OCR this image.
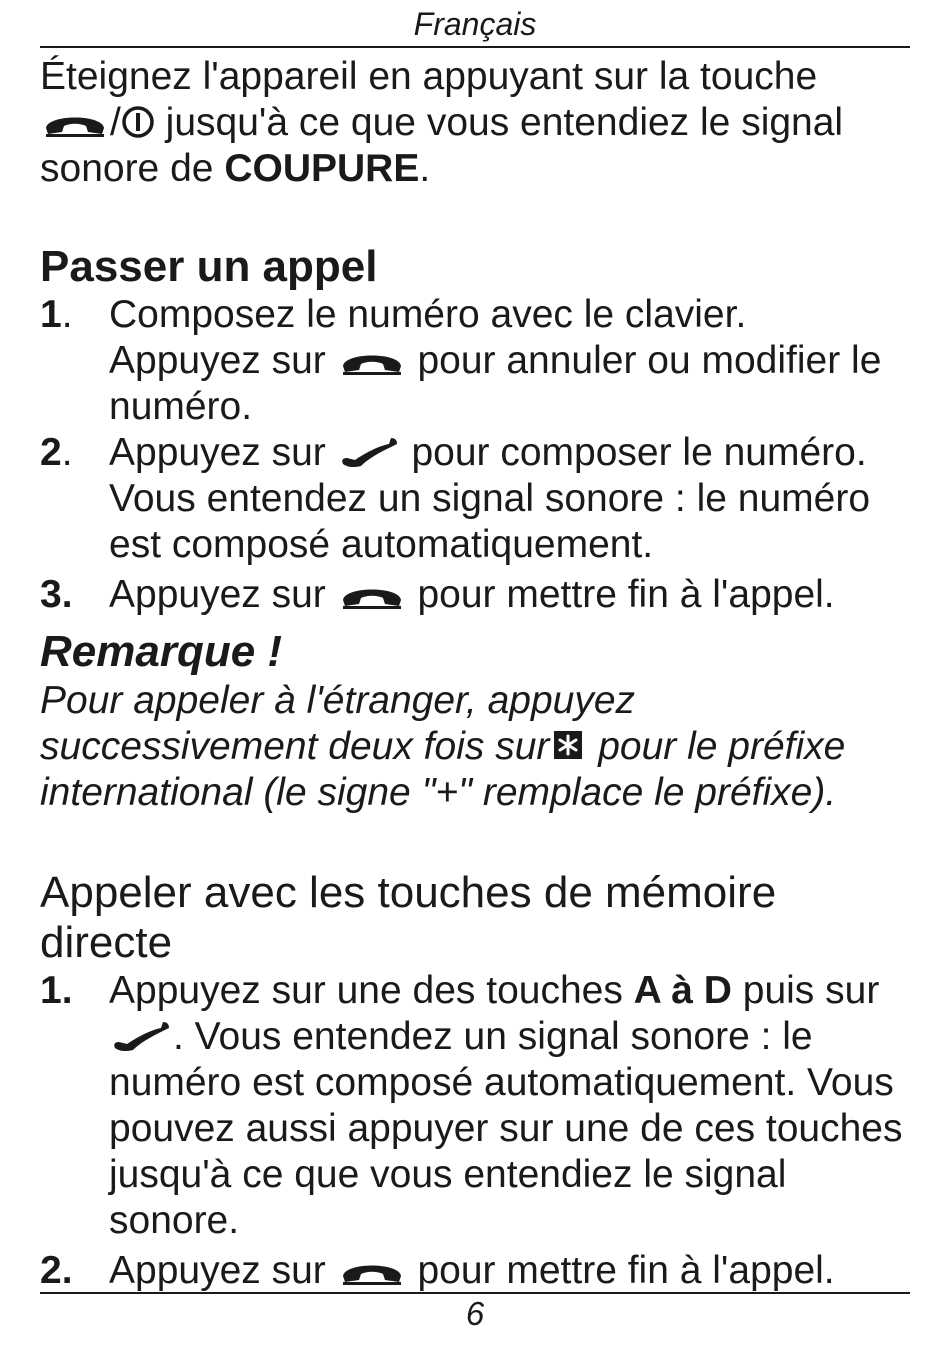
Français

Éteignez l'appareil en appuyant sur la touche

/
jusqu'à ce que vous entendiez le signal
sonore de COUPURE.

Passer un appel

1. Composez le numéro avec le clavier.
Appuyez sur
pour annuler ou modifier le numéro.
2. Appuyez sur
pour composer le numéro. Vous entendez un signal sonore : le numéro est composé automatiquement.
3. Appuyez sur
pour mettre fin à l'appel.

Remarque !

Pour appeler à l'étranger, appuyez successivement deux fois sur
pour le préfixe international (le signe "+" remplace le préfixe).

Appeler avec les touches de mémoire directe

1. Appuyez sur une des touches A à D puis sur
. Vous entendez un signal sonore : le numéro est composé automatiquement. Vous pouvez aussi appuyer sur une de ces touches jusqu'à ce que vous entendiez le signal sonore.
2. Appuyez sur
pour mettre fin à l'appel.
6
